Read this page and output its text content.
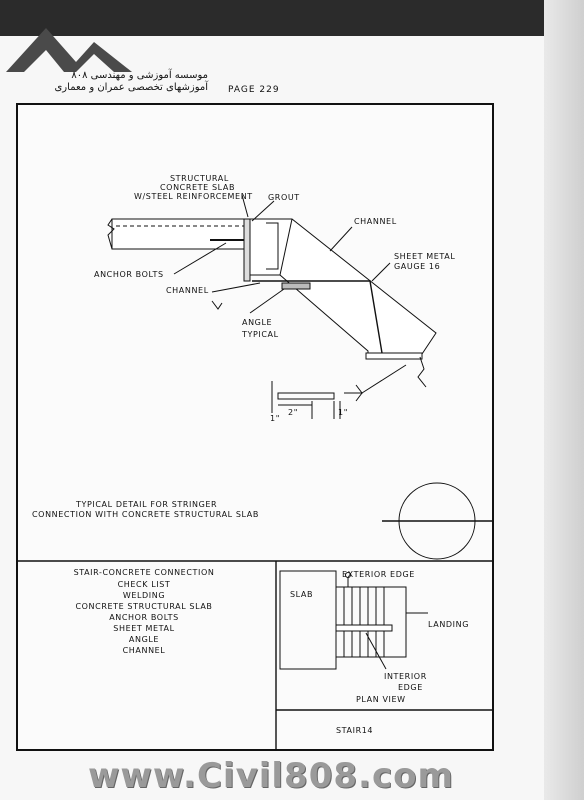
موسسه آموزشی و مهندسی ۸۰۸
آموزشهای تخصصی عمران و معماری PAGE 229
2"
1"
1"
STRUCTURAL
CONCRETE SLAB
W/STEEL REINFORCEMENT GROUT
CHANNEL
SHEET METAL
GAUGE 16
ANCHOR BOLTS
CHANNEL
ANGLE
TYPICAL
TYPICAL DETAIL FOR STRINGER
CONNECTION WITH CONCRETE STRUCTURAL SLAB
STAIR-CONCRETE CONNECTION
CHECK LIST
WELDING
CONCRETE STRUCTURAL SLAB
ANCHOR BOLTS
SHEET METAL
ANGLE
CHANNEL
EXTERIOR EDGE
SLAB
LANDING
INTERIOR
EDGE
PLAN VIEW
STAIR14
www.Civil808.com
